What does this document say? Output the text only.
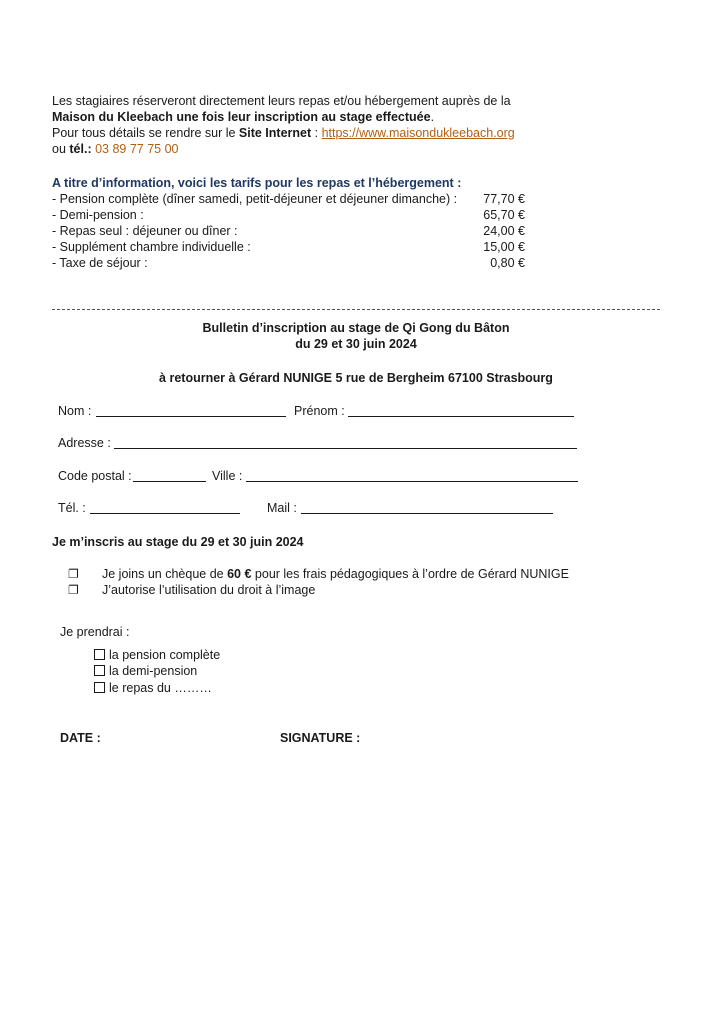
Les stagiaires réserveront directement leurs repas et/ou hébergement auprès de la
Maison du Kleebach une fois leur inscription au stage effectuée.
Pour tous détails se rendre sur le Site Internet : https://www.maisondukleebach.org
ou tél.: 03 89 77 75 00
A titre d’information, voici les tarifs pour les repas et l’hébergement :
- Pension complète (dîner samedi, petit-déjeuner et déjeuner dimanche) :	77,70 €
- Demi-pension :	65,70 €
- Repas seul : déjeuner ou dîner :	24,00 €
- Supplément chambre individuelle :	15,00 €
- Taxe de séjour :	0,80 €
Bulletin d’inscription au stage de Qi Gong du Bâton
du 29 et 30 juin 2024
à retourner à Gérard NUNIGE 5 rue de Bergheim 67100 Strasbourg
Nom :	Prénom :
Adresse :
Code postal :	Ville :
Tél. :	Mail :
Je m’inscris au stage du 29 et 30 juin 2024
❐ Je joins un chèque de 60 € pour les frais pédagogiques à l’ordre de Gérard NUNIGE
❐ J’autorise l’utilisation du droit à l’image
Je prendrai :
la pension complète
la demi-pension
le repas du ………
DATE :	SIGNATURE :
